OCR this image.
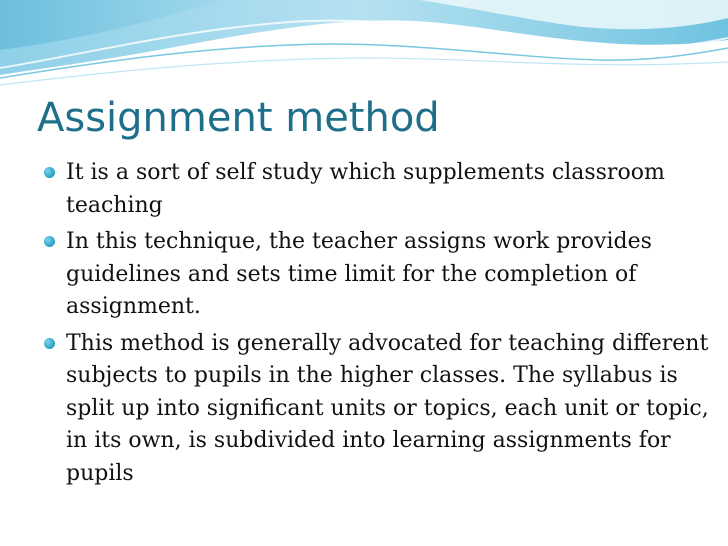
Assignment method
It is a sort of self study which supplements classroom teaching
In this technique, the teacher assigns work provides guidelines and sets time limit for the completion of assignment.
This method is generally advocated for teaching different subjects to pupils in the higher classes. The syllabus is split up into significant units or topics, each unit or topic, in its own, is subdivided into learning assignments for pupils
